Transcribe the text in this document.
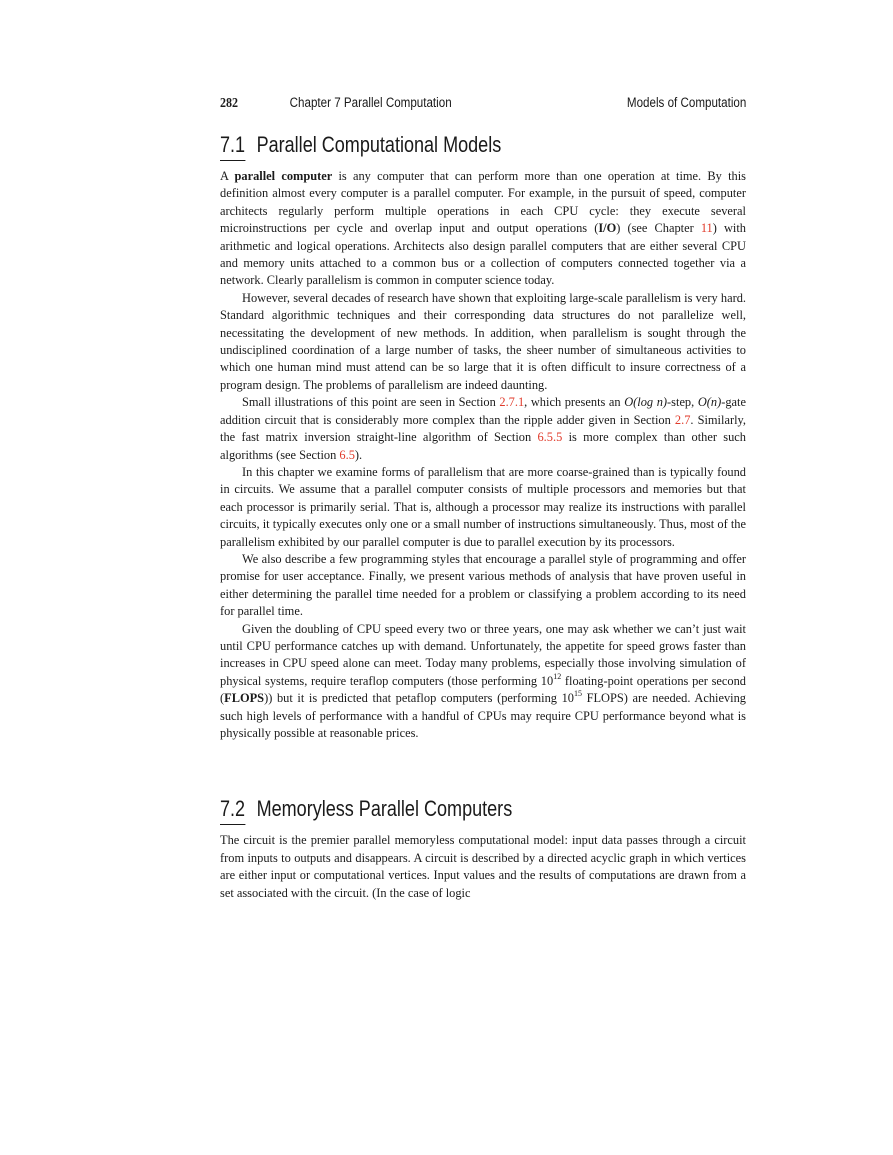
282	Chapter 7 Parallel Computation	Models of Computation
7.1 Parallel Computational Models

A parallel computer is any computer that can perform more than one operation at time. By this definition almost every computer is a parallel computer. For example, in the pursuit of speed, computer architects regularly perform multiple operations in each CPU cycle: they execute several microinstructions per cycle and overlap input and output operations (I/O) (see Chapter 11) with arithmetic and logical operations. Architects also design parallel computers that are either several CPU and memory units attached to a common bus or a collection of computers connected together via a network. Clearly parallelism is common in computer science today.

However, several decades of research have shown that exploiting large-scale parallelism is very hard. Standard algorithmic techniques and their corresponding data structures do not parallelize well, necessitating the development of new methods. In addition, when parallelism is sought through the undisciplined coordination of a large number of tasks, the sheer number of simultaneous activities to which one human mind must attend can be so large that it is often difficult to insure correctness of a program design. The problems of parallelism are indeed daunting.

Small illustrations of this point are seen in Section 2.7.1, which presents an O(log n)-step, O(n)-gate addition circuit that is considerably more complex than the ripple adder given in Section 2.7. Similarly, the fast matrix inversion straight-line algorithm of Section 6.5.5 is more complex than other such algorithms (see Section 6.5).

In this chapter we examine forms of parallelism that are more coarse-grained than is typically found in circuits. We assume that a parallel computer consists of multiple processors and memories but that each processor is primarily serial. That is, although a processor may realize its instructions with parallel circuits, it typically executes only one or a small number of instructions simultaneously. Thus, most of the parallelism exhibited by our parallel computer is due to parallel execution by its processors.

We also describe a few programming styles that encourage a parallel style of programming and offer promise for user acceptance. Finally, we present various methods of analysis that have proven useful in either determining the parallel time needed for a problem or classifying a problem according to its need for parallel time.

Given the doubling of CPU speed every two or three years, one may ask whether we can’t just wait until CPU performance catches up with demand. Unfortunately, the appetite for speed grows faster than increases in CPU speed alone can meet. Today many problems, especially those involving simulation of physical systems, require teraflop computers (those performing $10^{12}$ floating-point operations per second (FLOPS)) but it is predicted that petaflop computers (performing $10^{15}$ FLOPS) are needed. Achieving such high levels of performance with a handful of CPUs may require CPU performance beyond what is physically possible at reasonable prices.

7.2 Memoryless Parallel Computers

The circuit is the premier parallel memoryless computational model: input data passes through a circuit from inputs to outputs and disappears. A circuit is described by a directed acyclic graph in which vertices are either input or computational vertices. Input values and the results of computations are drawn from a set associated with the circuit. (In the case of logic
